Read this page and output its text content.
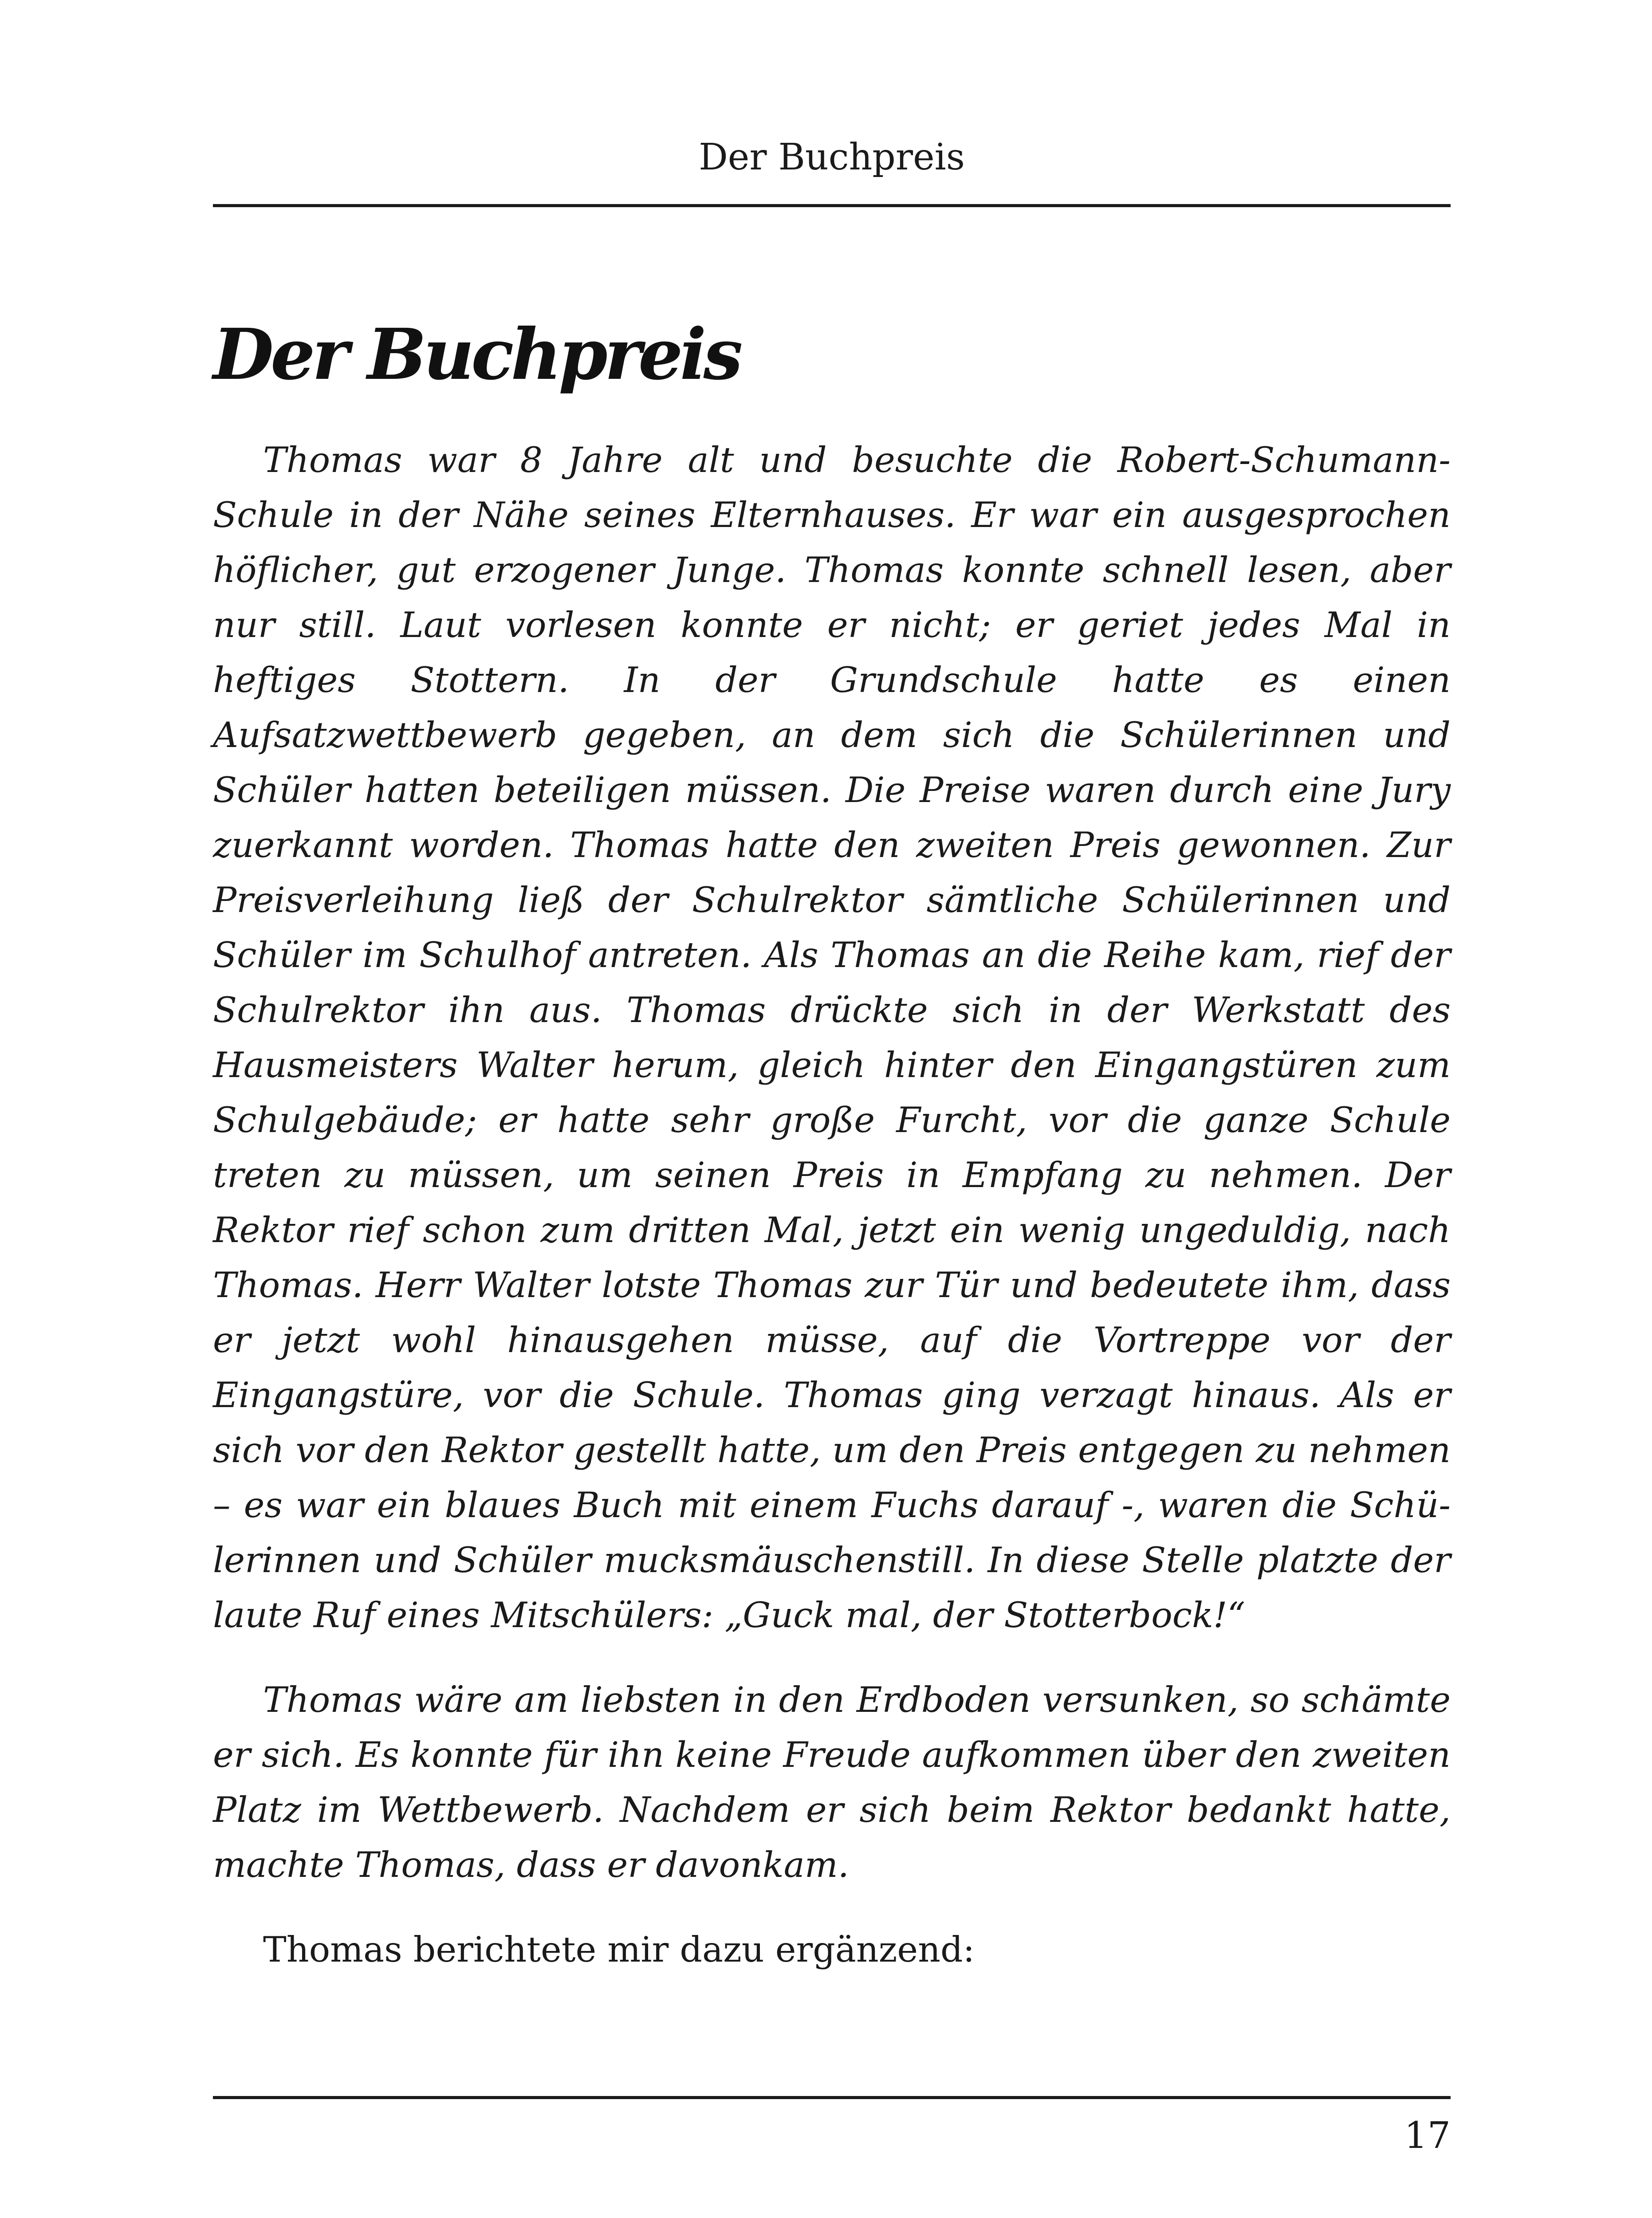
Der Buchpreis
Der Buchpreis

Thomas war 8 Jahre alt und besuchte die Robert-Schumann-Schule in der Nähe seines Elternhauses. Er war ein ausgesprochen höflicher, gut erzogener Junge. Thomas konnte schnell lesen, aber nur still. Laut vorlesen konnte er nicht; er geriet jedes Mal in heftiges Stottern. In der Grundschule hatte es einen Aufsatzwettbewerb gegeben, an dem sich die Schülerinnen und Schüler hatten beteiligen müssen. Die Preise waren durch eine Jury zuerkannt worden. Thomas hatte den zweiten Preis gewonnen. Zur Preisverleihung ließ der Schulrektor sämtliche Schülerinnen und Schüler im Schulhof antreten. Als Thomas an die Reihe kam, rief der Schulrektor ihn aus. Thomas drückte sich in der Werkstatt des Hausmeisters Walter herum, gleich hinter den Eingangstüren zum Schulgebäude; er hatte sehr große Furcht, vor die ganze Schule treten zu müssen, um seinen Preis in Empfang zu nehmen. Der Rektor rief schon zum dritten Mal, jetzt ein wenig ungeduldig, nach Thomas. Herr Walter lotste Thomas zur Tür und bedeutete ihm, dass er jetzt wohl hinausgehen müsse, auf die Vortreppe vor der Eingangstüre, vor die Schule. Thomas ging verzagt hinaus. Als er sich vor den Rektor gestellt hatte, um den Preis entgegen zu nehmen – es war ein blaues Buch mit einem Fuchs darauf -, waren die Schülerinnen und Schüler mucksmäuschenstill. In diese Stelle platzte der laute Ruf eines Mitschülers: „Guck mal, der Stotterbock!“

Thomas wäre am liebsten in den Erdboden versunken, so schämte er sich. Es konnte für ihn keine Freude aufkommen über den zweiten Platz im Wettbewerb. Nachdem er sich beim Rektor bedankt hatte, machte Thomas, dass er davonkam.

Thomas berichtete mir dazu ergänzend:

17
